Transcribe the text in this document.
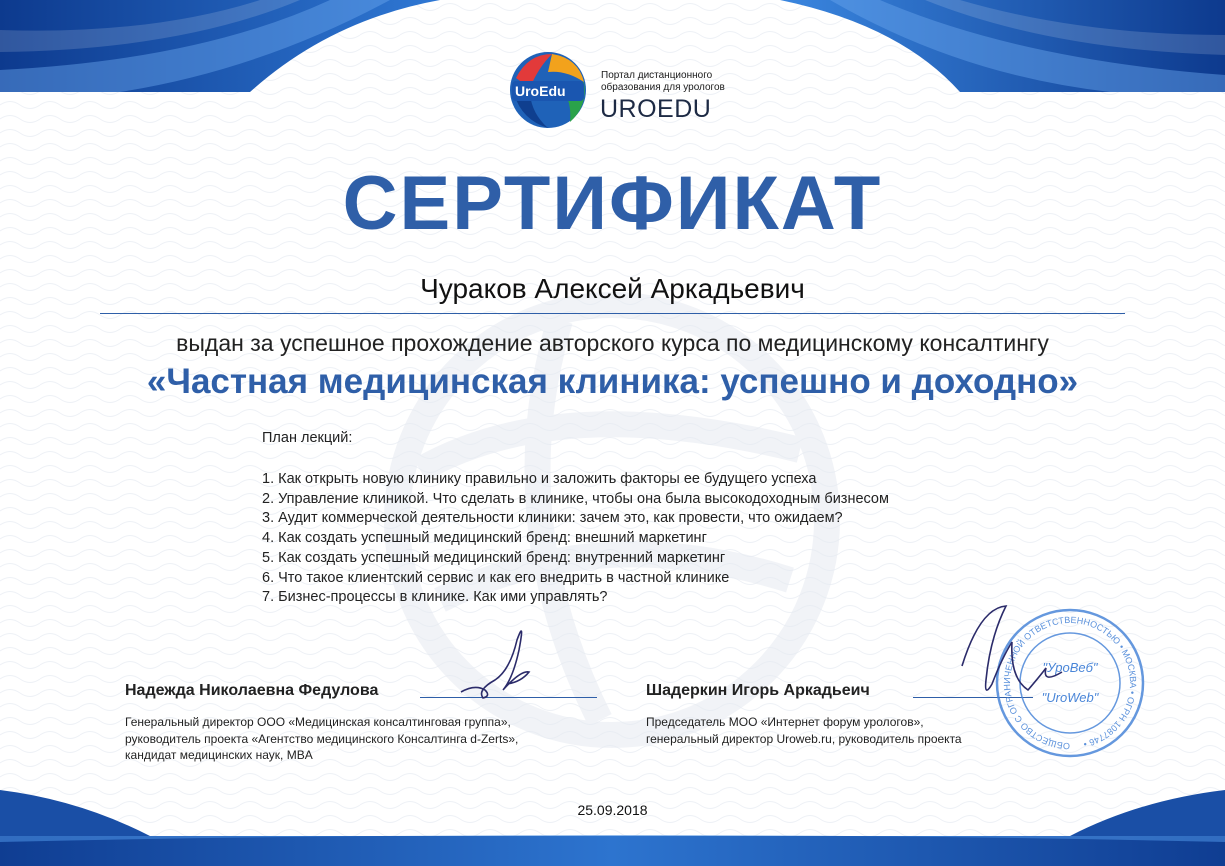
UroEdu
Портал дистанционного
образования для урологов
UROEDU
СЕРТИФИКАТ
Чураков Алексей Аркадьевич
выдан за успешное прохождение авторского курса по медицинскому консалтингу
«Частная медицинская клиника: успешно и доходно»
План лекций:
1. Как открыть новую клинику правильно и заложить факторы ее будущего успеха
2. Управление клиникой. Что сделать в клинике, чтобы она была высокодоходным бизнесом
3. Аудит коммерческой деятельности клиники: зачем это, как провести, что ожидаем?
4. Как создать успешный медицинский бренд: внешний маркетинг
5. Как создать успешный медицинский бренд: внутренний маркетинг
6. Что такое клиентский сервис и как его внедрить в частной клинике
7. Бизнес-процессы в клинике. Как ими управлять?
Надежда Николаевна Федулова
Генеральный директор ООО «Медицинская консалтинговая группа»,
руководитель проекта «Агентство медицинского Консалтинга d-Zerts»,
кандидат медицинских наук, MBA
Шадеркин Игорь Аркадьеич
Председатель МОО «Интернет форум урологов»,
генеральный директор Uroweb.ru, руководитель проекта
ОБЩЕСТВО С ОГРАНИЧЕННОЙ ОТВЕТСТВЕННОСТЬЮ • МОСКВА • ОГРН 1087746 •
"УроВеб"
"UroWeb"
25.09.2018
